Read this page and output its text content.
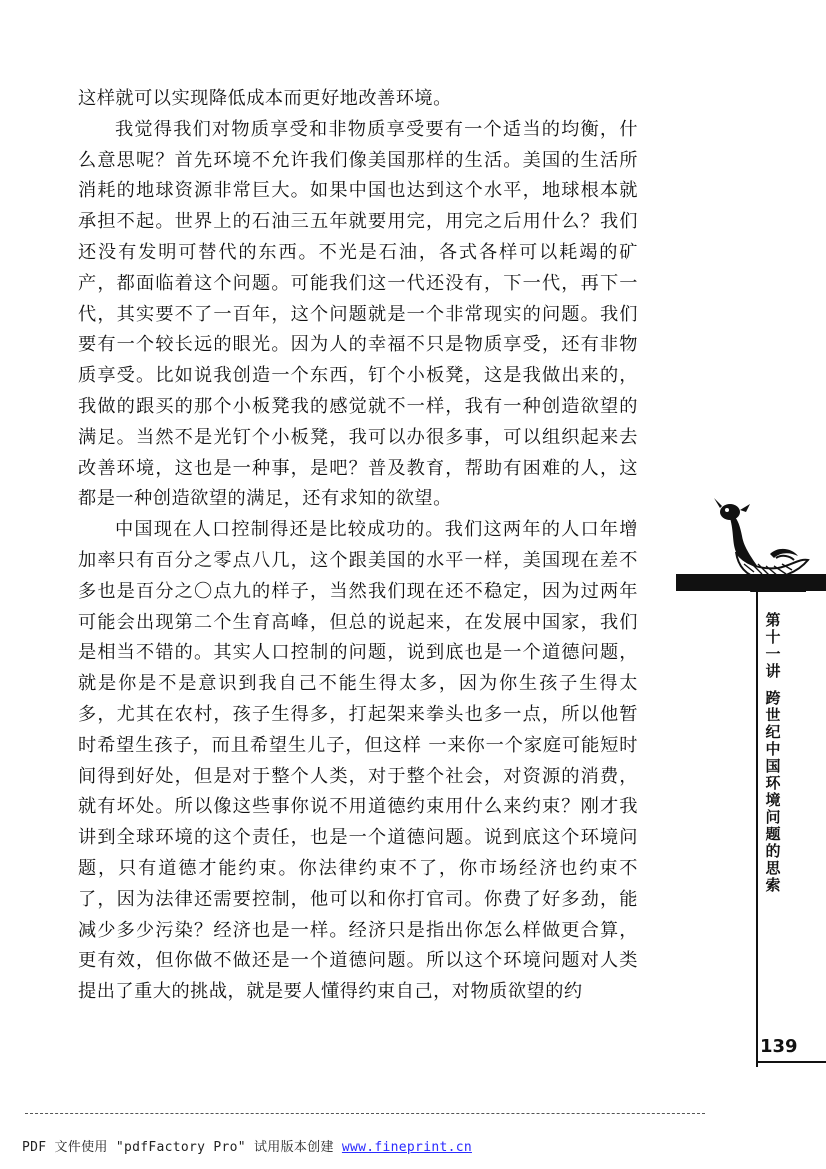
这样就可以实现降低成本而更好地改善环境。

我觉得我们对物质享受和非物质享受要有一个适当的均衡，什么意思呢？首先环境不允许我们像美国那样的生活。美国的生活所消耗的地球资源非常巨大。如果中国也达到这个水平，地球根本就承担不起。世界上的石油三五年就要用完，用完之后用什么？我们还没有发明可替代的东西。不光是石油，各式各样可以耗竭的矿产，都面临着这个问题。可能我们这一代还没有，下一代，再下一代，其实要不了一百年，这个问题就是一个非常现实的问题。我们要有一个较长远的眼光。因为人的幸福不只是物质享受，还有非物质享受。比如说我创造一个东西，钉个小板凳，这是我做出来的，我做的跟买的那个小板凳我的感觉就不一样，我有一种创造欲望的满足。当然不是光钉个小板凳，我可以办很多事，可以组织起来去改善环境，这也是一种事，是吧？普及教育，帮助有困难的人，这都是一种创造欲望的满足，还有求知的欲望。

中国现在人口控制得还是比较成功的。我们这两年的人口年增加率只有百分之零点八几，这个跟美国的水平一样，美国现在差不多也是百分之〇点九的样子，当然我们现在还不稳定，因为过两年可能会出现第二个生育高峰，但总的说起来，在发展中国家，我们是相当不错的。其实人口控制的问题，说到底也是一个道德问题，就是你是不是意识到我自己不能生得太多，因为你生孩子生得太多，尤其在农村，孩子生得多，打起架来拳头也多一点，所以他暂时希望生孩子，而且希望生儿子，但这样 一来你一个家庭可能短时间得到好处，但是对于整个人类，对于整个社会，对资源的消费，就有坏处。所以像这些事你说不用道德约束用什么来约束？刚才我讲到全球环境的这个责任，也是一个道德问题。说到底这个环境问题，只有道德才能约束。你法律约束不了，你市场经济也约束不了，因为法律还需要控制，他可以和你打官司。你费了好多劲，能减少多少污染？经济也是一样。经济只是指出你怎么样做更合算，更有效，但你做不做还是一个道德问题。所以这个环境问题对人类提出了重大的挑战，就是要人懂得约束自己，对物质欲望的约

第十一讲
跨世纪中国环境问题的思索
139
PDF 文件使用 "pdfFactory Pro" 试用版本创建 www.fineprint.cn
